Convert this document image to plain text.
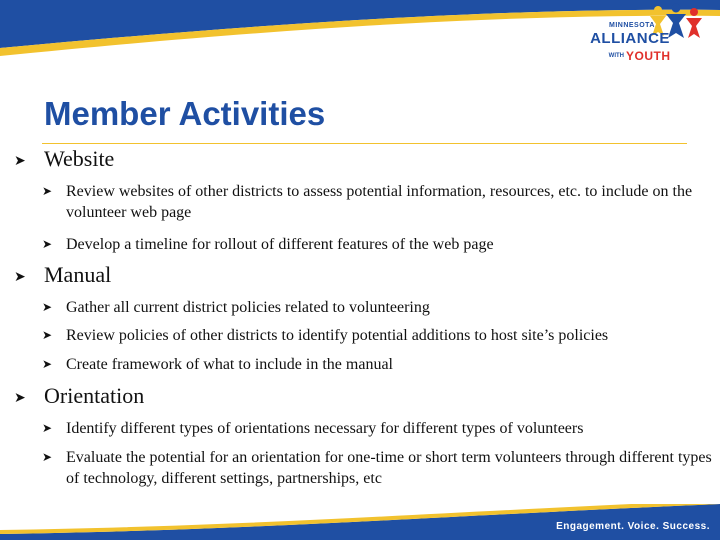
MINNESOTA
ALLIANCE
WITH YOUTH
Member Activities
➤ Website
➤ Review websites of other districts to assess potential information, resources, etc. to include on the volunteer web page
➤ Develop a timeline for rollout of different features of the web page
➤ Manual
➤ Gather all current district policies related to volunteering
➤ Review policies of other districts to identify potential additions to host site’s policies
➤ Create framework of what to include in the manual
➤ Orientation
➤ Identify different types of orientations necessary for different types of volunteers
➤ Evaluate the potential for an orientation for one-time or short term volunteers through different types of technology, different settings, partnerships, etc
Engagement. Voice. Success.
